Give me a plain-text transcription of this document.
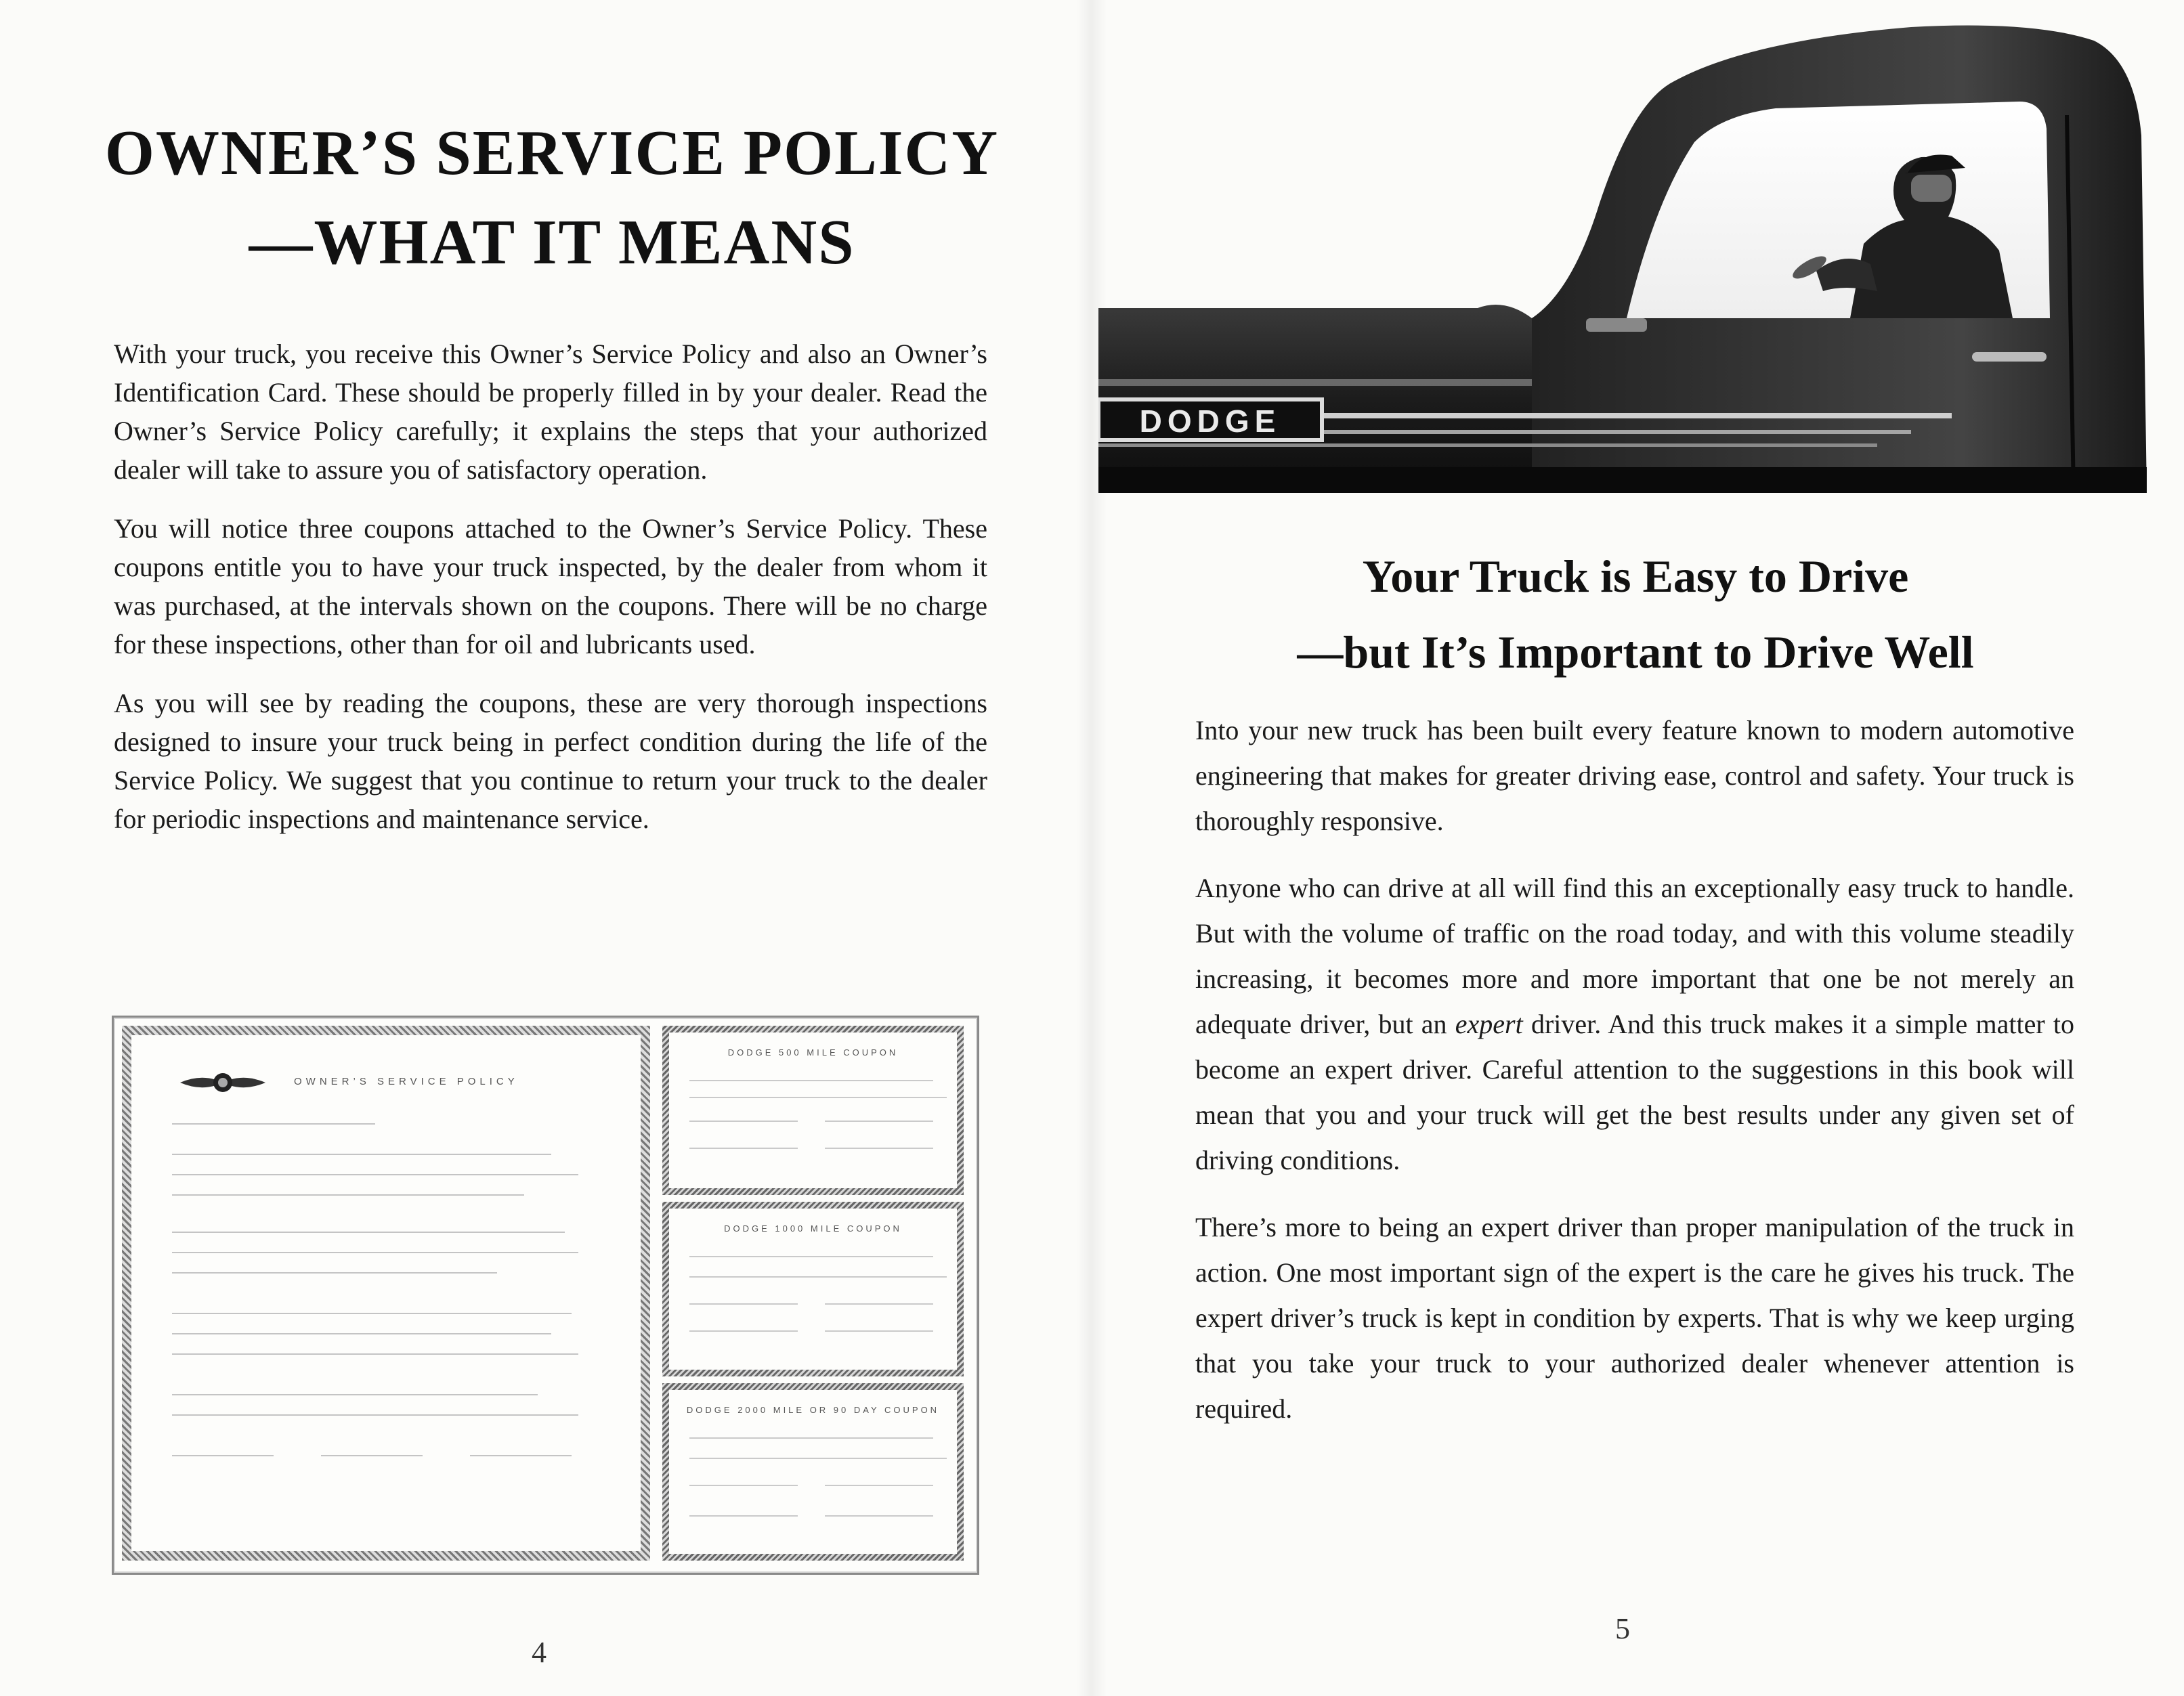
OWNER’S SERVICE POLICY
—WHAT IT MEANS

With your truck, you receive this Owner’s Service Policy and also an Owner’s Identification Card. These should be properly filled in by your dealer. Read the Owner’s Service Policy carefully; it explains the steps that your authorized dealer will take to assure you of satisfactory operation.

You will notice three coupons attached to the Owner’s Service Policy. These coupons entitle you to have your truck inspected, by the dealer from whom it was purchased, at the intervals shown on the coupons. There will be no charge for these inspections, other than for oil and lubricants used.

As you will see by reading the coupons, these are very thorough inspections designed to insure your truck being in perfect condition during the life of the Service Policy. We suggest that you continue to return your truck to the dealer for periodic inspections and maintenance service.

OWNER’S SERVICE POLICY
DODGE 500 MILE COUPON
DODGE 1000 MILE COUPON
DODGE 2000 MILE OR 90 DAY COUPON
4
DODGE
Your Truck is Easy to Drive
—but It’s Important to Drive Well

Into your new truck has been built every feature known to modern automotive engineering that makes for greater driving ease, control and safety. Your truck is thoroughly responsive.

Anyone who can drive at all will find this an exceptionally easy truck to handle. But with the volume of traffic on the road today, and with this volume steadily increasing, it becomes more and more important that one be not merely an adequate driver, but an expert driver. And this truck makes it a simple matter to become an expert driver. Careful attention to the suggestions in this book will mean that you and your truck will get the best results under any given set of driving conditions.

There’s more to being an expert driver than proper manipulation of the truck in action. One most important sign of the expert is the care he gives his truck. The expert driver’s truck is kept in condition by experts. That is why we keep urging that you take your truck to your authorized dealer whenever attention is required.

5
